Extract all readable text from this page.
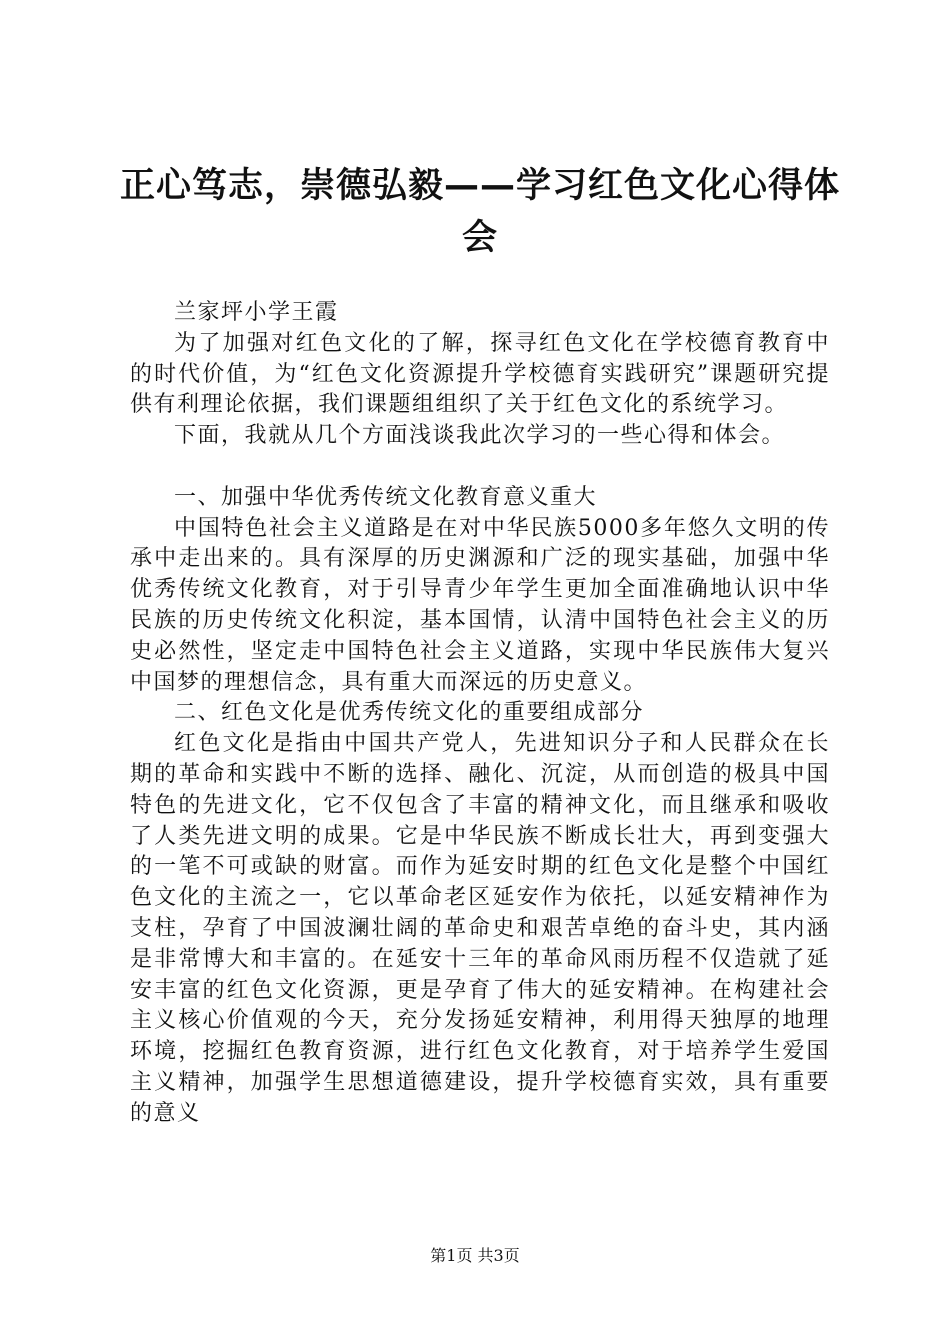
正心笃志，崇德弘毅——学习红色文化心得体会

兰家坪小学王霞

为了加强对红色文化的了解，探寻红色文化在学校德育教育中的时代价值，为“红色文化资源提升学校德育实践研究”课题研究提供有利理论依据，我们课题组组织了关于红色文化的系统学习。

下面，我就从几个方面浅谈我此次学习的一些心得和体会。

一、加强中华优秀传统文化教育意义重大

中国特色社会主义道路是在对中华民族5000多年悠久文明的传承中走出来的。具有深厚的历史渊源和广泛的现实基础，加强中华优秀传统文化教育，对于引导青少年学生更加全面准确地认识中华民族的历史传统文化积淀，基本国情，认清中国特色社会主义的历史必然性，坚定走中国特色社会主义道路，实现中华民族伟大复兴中国梦的理想信念，具有重大而深远的历史意义。

二、红色文化是优秀传统文化的重要组成部分

红色文化是指由中国共产党人，先进知识分子和人民群众在长期的革命和实践中不断的选择、融化、沉淀，从而创造的极具中国特色的先进文化，它不仅包含了丰富的精神文化，而且继承和吸收了人类先进文明的成果。它是中华民族不断成长壮大，再到变强大的一笔不可或缺的财富。而作为延安时期的红色文化是整个中国红色文化的主流之一，它以革命老区延安作为依托，以延安精神作为支柱，孕育了中国波澜壮阔的革命史和艰苦卓绝的奋斗史，其内涵是非常博大和丰富的。在延安十三年的革命风雨历程不仅造就了延安丰富的红色文化资源，更是孕育了伟大的延安精神。在构建社会主义核心价值观的今天，充分发扬延安精神，利用得天独厚的地理环境，挖掘红色教育资源，进行红色文化教育，对于培养学生爱国主义精神，加强学生思想道德建设，提升学校德育实效，具有重要的意义

第1页 共3页
